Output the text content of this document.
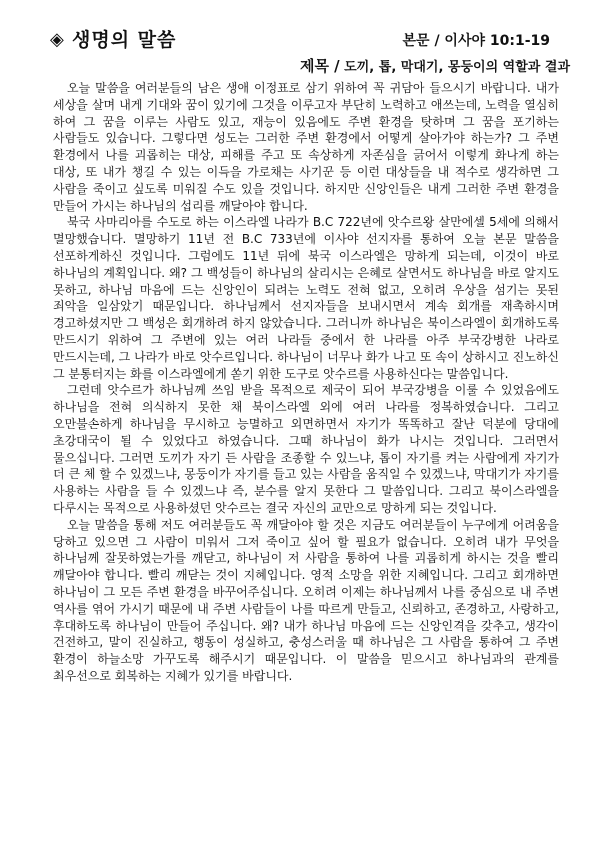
◈ 생명의 말씀	본문 / 이사야 10:1-19
제목 / 도끼, 톱, 막대기, 몽둥이의 역할과 결과

오늘 말씀을 여러분들의 남은 생애 이정표로 삼기 위하여 꼭 귀담아 들으시기 바랍니다. 내가 세상을 살며 내게 기대와 꿈이 있기에 그것을 이루고자 부단히 노력하고 애쓰는데, 노력을 열심히 하여 그 꿈을 이루는 사람도 있고, 재능이 있음에도 주변 환경을 탓하며 그 꿈을 포기하는 사람들도 있습니다. 그렇다면 성도는 그러한 주변 환경에서 어떻게 살아가야 하는가? 그 주변 환경에서 나를 괴롭히는 대상, 피해를 주고 또 속상하게 자존심을 긁어서 이렇게 화나게 하는 대상, 또 내가 챙길 수 있는 이득을 가로채는 사기꾼 등 이런 대상들을 내 적수로 생각하면 그 사람을 죽이고 싶도록 미워질 수도 있을 것입니다. 하지만 신앙인들은 내게 그러한 주변 환경을 만들어 가시는 하나님의 섭리를 깨달아야 합니다.

북국 사마리아를 수도로 하는 이스라엘 나라가 B.C 722년에 앗수르왕 살만에셀 5세에 의해서 멸망했습니다. 멸망하기 11년 전 B.C 733년에 이사야 선지자를 통하여 오늘 본문 말씀을 선포하게하신 것입니다. 그럼에도 11년 뒤에 북국 이스라엘은 망하게 되는데, 이것이 바로 하나님의 계획입니다. 왜? 그 백성들이 하나님의 살리시는 은혜로 살면서도 하나님을 바로 알지도 못하고, 하나님 마음에 드는 신앙인이 되려는 노력도 전혀 없고, 오히려 우상을 섬기는 못된 죄악을 일삼았기 때문입니다. 하나님께서 선지자들을 보내시면서 계속 회개를 재촉하시며 경고하셨지만 그 백성은 회개하려 하지 않았습니다. 그러니까 하나님은 북이스라엘이 회개하도록 만드시기 위하여 그 주변에 있는 여러 나라들 중에서 한 나라를 아주 부국강병한 나라로 만드시는데, 그 나라가 바로 앗수르입니다. 하나님이 너무나 화가 나고 또 속이 상하시고 진노하신 그 분통터지는 화를 이스라엘에게 쏟기 위한 도구로 앗수르를 사용하신다는 말씀입니다.

그런데 앗수르가 하나님께 쓰임 받을 목적으로 제국이 되어 부국강병을 이룰 수 있었음에도 하나님을 전혀 의식하지 못한 채 북이스라엘 외에 여러 나라를 정복하였습니다. 그리고 오만불손하게 하나님을 무시하고 능멸하고 외면하면서 자기가 똑똑하고 잘난 덕분에 당대에 초강대국이 될 수 있었다고 하였습니다. 그때 하나님이 화가 나시는 것입니다. 그러면서 물으십니다. 그러면 도끼가 자기 든 사람을 조종할 수 있느냐, 톱이 자기를 켜는 사람에게 자기가 더 큰 체 할 수 있겠느냐, 몽둥이가 자기를 들고 있는 사람을 움직일 수 있겠느냐, 막대기가 자기를 사용하는 사람을 들 수 있겠느냐 즉, 분수를 알지 못한다 그 말씀입니다. 그리고 북이스라엘을 다루시는 목적으로 사용하셨던 앗수르는 결국 자신의 교만으로 망하게 되는 것입니다.

오늘 말씀을 통해 저도 여러분들도 꼭 깨달아야 할 것은 지금도 여러분들이 누구에게 어려움을 당하고 있으면 그 사람이 미워서 그저 죽이고 싶어 할 필요가 없습니다. 오히려 내가 무엇을 하나님께 잘못하였는가를 깨닫고, 하나님이 저 사람을 통하여 나를 괴롭히게 하시는 것을 빨리 깨달아야 합니다. 빨리 깨닫는 것이 지혜입니다. 영적 소망을 위한 지혜입니다. 그리고 회개하면 하나님이 그 모든 주변 환경을 바꾸어주십니다. 오히려 이제는 하나님께서 나를 중심으로 내 주변 역사를 엮어 가시기 때문에 내 주변 사람들이 나를 따르게 만들고, 신뢰하고, 존경하고, 사랑하고, 후대하도록 하나님이 만들어 주십니다. 왜? 내가 하나님 마음에 드는 신앙인격을 갖추고, 생각이 건전하고, 말이 진실하고, 행동이 성실하고, 충성스러울 때 하나님은 그 사람을 통하여 그 주변 환경이 하늘소망 가꾸도록 해주시기 때문입니다. 이 말씀을 믿으시고 하나님과의 관계를 최우선으로 회복하는 지혜가 있기를 바랍니다.
